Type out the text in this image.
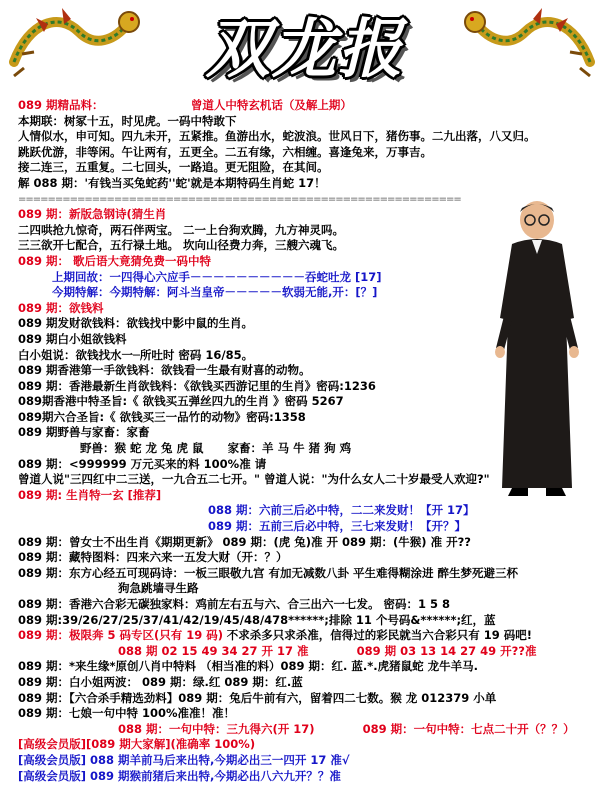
双龙报
089 期精品料：	曾道人中特玄机话（及解上期）
本期联：树冢十五，时见虎。一码中特敢下
人情似水，申可知。四九未开，五紧推。鱼游出水，蛇波浪。世风日下，猪伤事。二九出落，八又归。
跳跃优游，非等闲。午让两有，五更全。二五有缘，六相缠。喜逢兔来，万事吉。
接二连三，五重复。二七回头，一路追。更无阻险，在其间。
解 088 期：'有钱当买兔蛇药''蛇'就是本期特码生肖蛇 17！
============================================================
089 期：新版急钢诗(猜生肖
二四哄抢九惊奇，两石伴两宝。 二一上台狗欢腾，九方神灵吗。
三三欲开七配合，五行禄土地。 坎向山径费力奔，三艘六魂飞。
089 期： 歌后语大竟猜免费一码中特
上期回故：一四得心六应手－－－－－－－－－－吞蛇吐龙 [17]
今期特解：今期特解：阿斗当皇帝－－－－－软弱无能,开：[？]
089 期：欲钱料
089 期发财欲钱料：欲钱找中影中鼠的生肖。
089 期白小姐欲钱料
白小姐说：欲钱找水一─所吐时 密码 16/85。
089 期香港第一手欲钱料：欲钱看一生最有财喜的动物。
089 期：香港最新生肖欲钱料：《欲钱买西游记里的生肖》密码:1236
089期香港中特圣旨:《 欲钱买五弹丝四九的生肖 》密码 5267
089期六合圣旨:《 欲钱买三一品竹的动物》密码:1358
089 期野兽与家畜：家畜
野兽：猴 蛇 龙 兔 虎 鼠 家畜：羊 马 牛 猪 狗 鸡
089 期：<999999 万元买来的料 100%准 请
曾道人说"三四红中二三送，一九合五二七开。" 曾道人说："为什么女人二十岁最受人欢迎?"
089 期: 生肖特一玄 [推荐]
088 期：六前三后必中特，二二来发财！【开 17】
089 期：五前三后必中特，三七来发财！【开？】
089 期：曾女士不出生肖《期期更新》 089 期：(虎 兔)准 开 089 期：(牛猴) 准 开??
089 期：藏特图料：四来六来一五发大财（开：？）
089 期：东方心经五可现码诗：一板三眼敬九宫 有加无减数八卦 平生难得糊涂进 醉生梦死避三杯
狗急跳墙寻生路
089 期：香港六合彩无碳独家料：鸡前左右五与六、合三出六一七发。 密码：1 5 8
089 期:39/26/27/25/37/41/42/19/45/48/478******;排除 11 个号码&******;红，蓝
089 期：极限奔 5 码专区(只有 19 码) 不求杀多只求杀准，信得过的彩民就当六合彩只有 19 码吧!
088 期 02 15 49 34 27 开 17 准	089 期 03 13 14 27 49 开??准
089 期：*来生缘*原创八肖中特料 （相当准的料）089 期：红. 蓝.*.虎猪鼠蛇 龙牛羊马.
089 期：白小姐两波： 089 期：绿.红 089 期：红.蓝
089 期：【六合杀手精选劲料】089 期：兔后牛前有六，留着四二七数。猴 龙 012379 小单
089 期：七娘一句中特 100%准准！准！
088 期：一句中特：三九得六(开 17)	089 期：一句中特：七点二十开（？？）
[高级会员版][089 期大家解](准确率 100%)
[高级会员版] 088 期羊前马后来出特,今期必出三一四开 17 准√
[高级会员版] 089 期猴前猪后来出特,今期必出八六九开？？准
